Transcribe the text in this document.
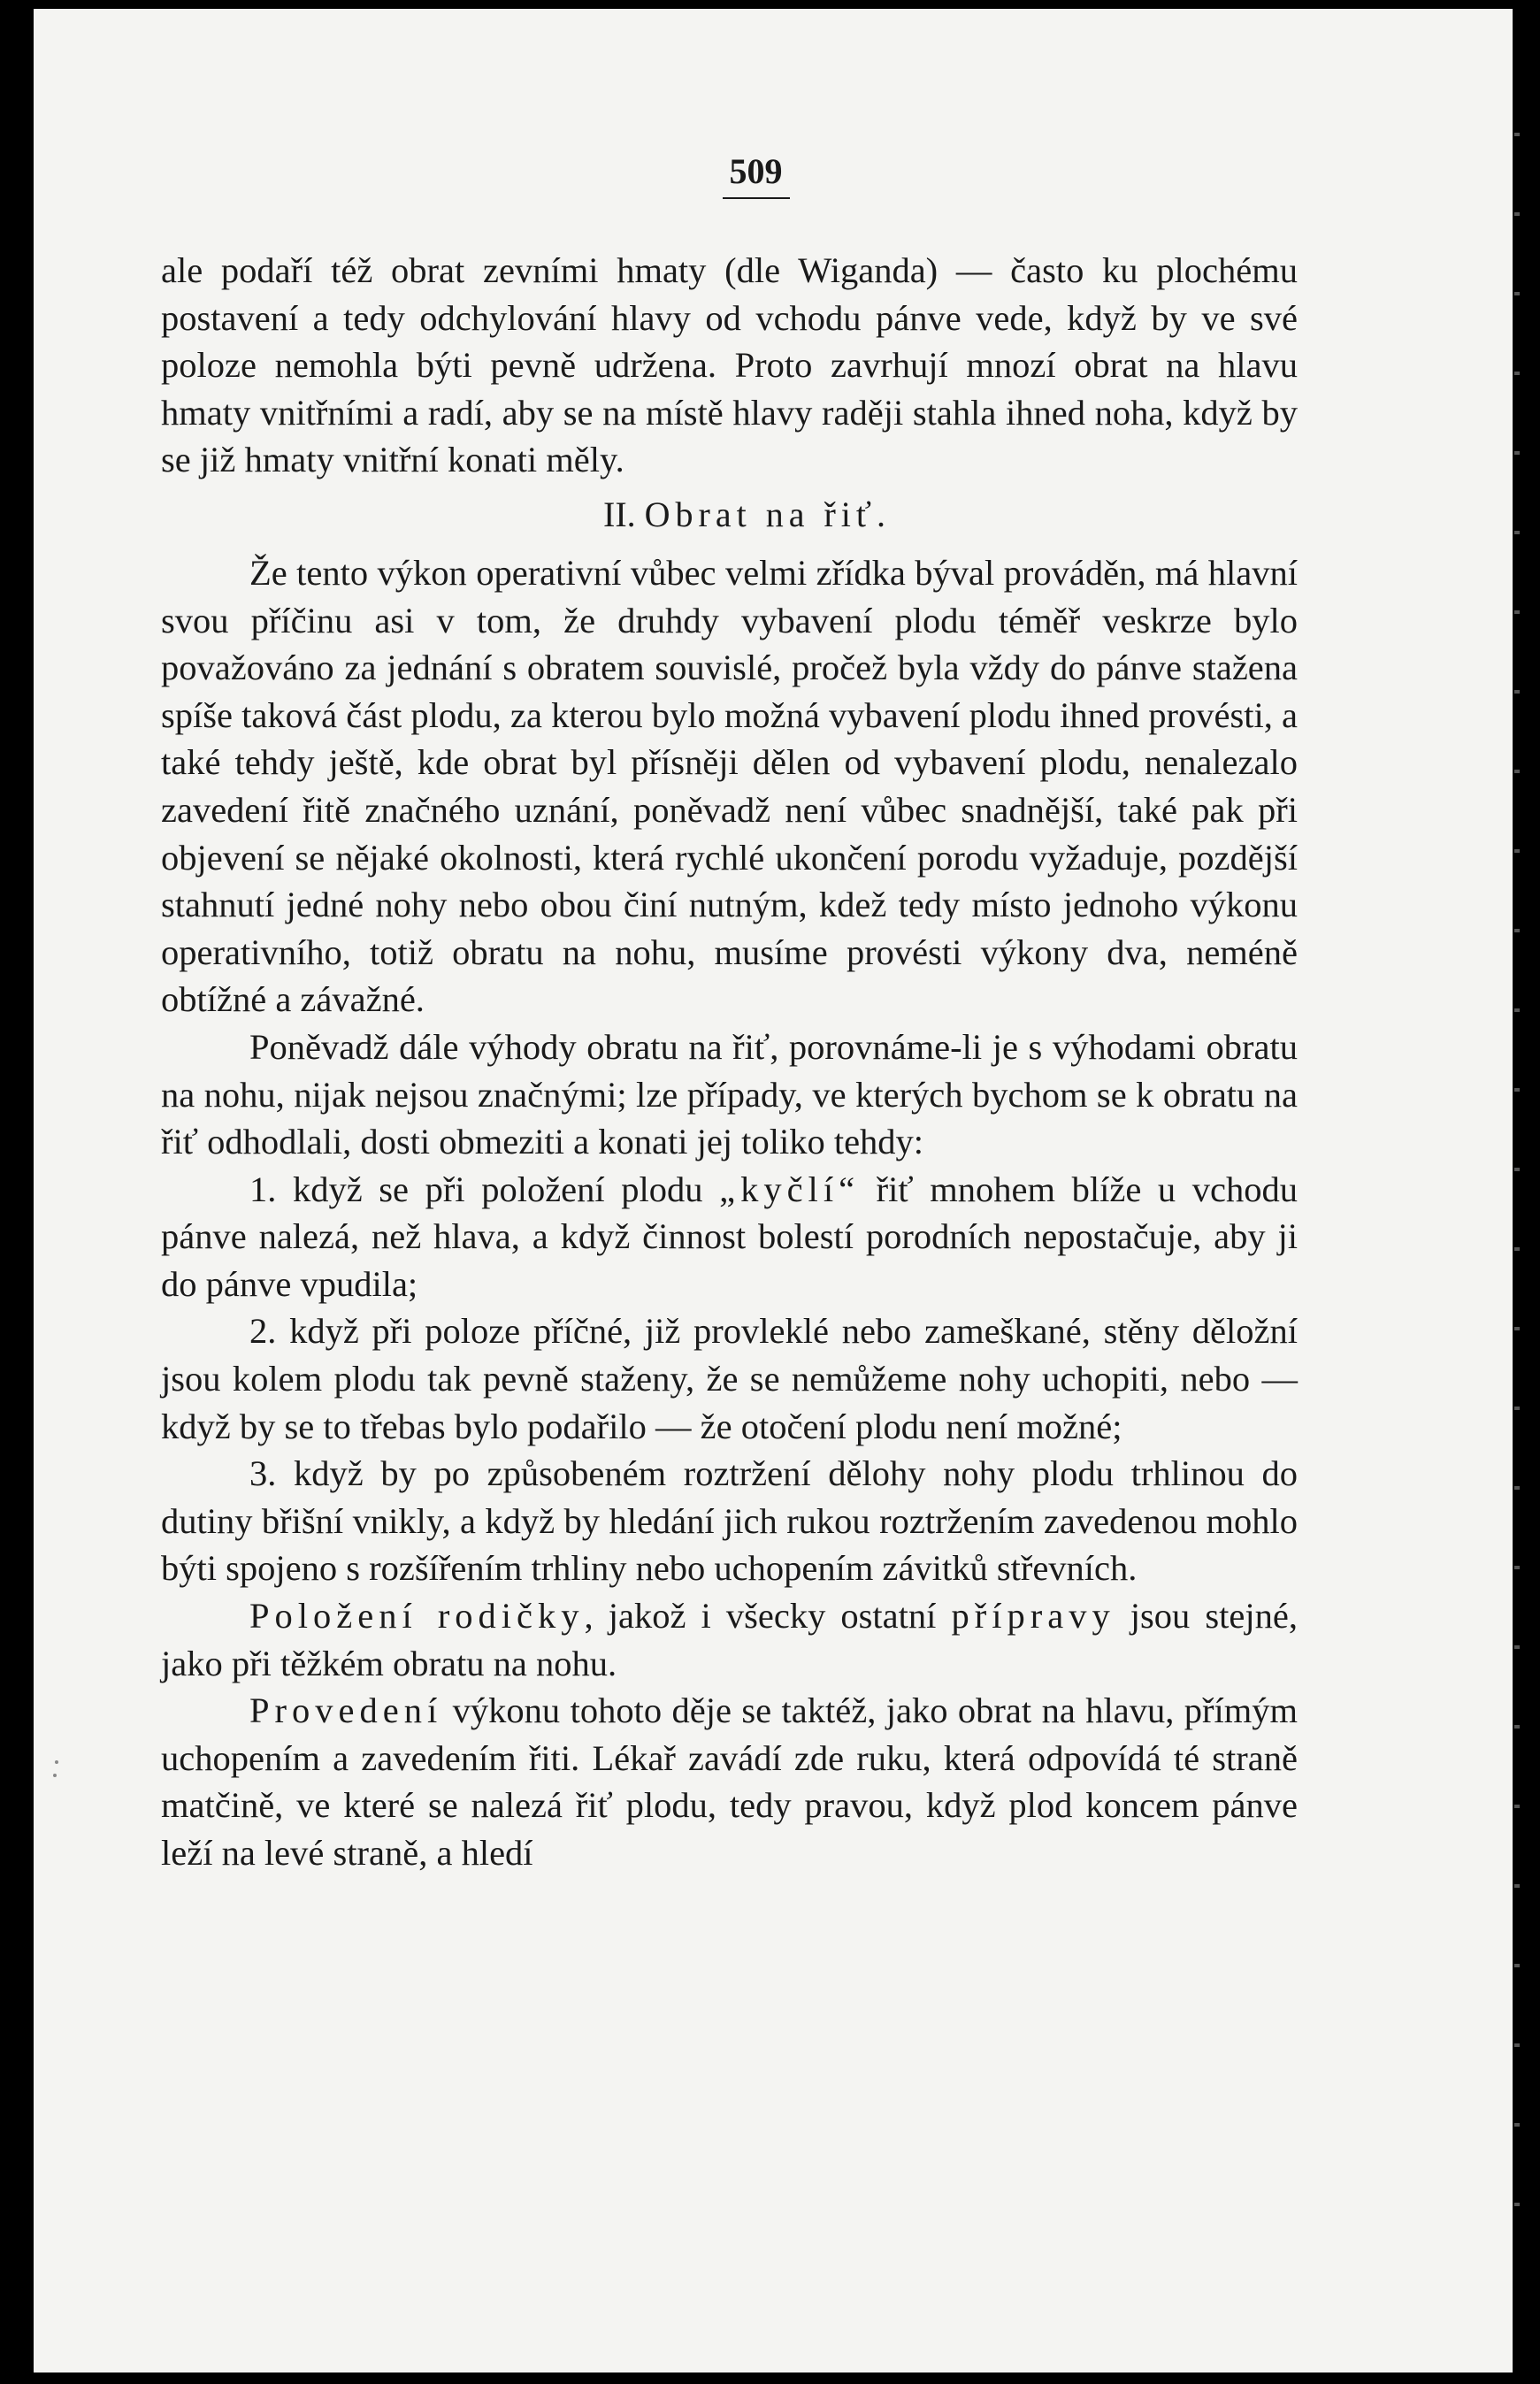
509

ale podaří též obrat zevními hmaty (dle Wiganda) — často ku plochému postavení a tedy odchylování hlavy od vchodu pánve vede, když by ve své poloze nemohla býti pevně udržena. Proto zavrhují mnozí obrat na hlavu hmaty vnitřními a radí, aby se na místě hlavy raději stahla ihned noha, když by se již hmaty vnitřní konati měly.

II. Obrat na řiť.

Že tento výkon operativní vůbec velmi zřídka býval prováděn, má hlavní svou příčinu asi v tom, že druhdy vybavení plodu téměř veskrze bylo považováno za jednání s obratem souvislé, pročež byla vždy do pánve stažena spíše taková část plodu, za kterou bylo možná vybavení plodu ihned provésti, a také tehdy ještě, kde obrat byl přísněji dělen od vybavení plodu, nenalezalo zavedení řitě značného uznání, poněvadž není vůbec snadnější, také pak při objevení se nějaké okolnosti, která rychlé ukončení porodu vyžaduje, pozdější stahnutí jedné nohy nebo obou činí nutným, kdež tedy místo jednoho výkonu operativního, totiž obratu na nohu, musíme provésti výkony dva, neméně obtížné a závažné.

Poněvadž dále výhody obratu na řiť, porovnáme-li je s výhodami obratu na nohu, nijak nejsou značnými; lze případy, ve kterých bychom se k obratu na řiť odhodlali, dosti obmeziti a konati jej toliko tehdy:

1. když se při položení plodu „kyčlí“ řiť mnohem blíže u vchodu pánve nalezá, než hlava, a když činnost bolestí porodních nepostačuje, aby ji do pánve vpudila;

2. když při poloze příčné, již provleklé nebo zameškané, stěny děložní jsou kolem plodu tak pevně staženy, že se nemůžeme nohy uchopiti, nebo — když by se to třebas bylo podařilo — že otočení plodu není možné;

3. když by po způsobeném roztržení dělohy nohy plodu trhlinou do dutiny břišní vnikly, a když by hledání jich rukou roztržením zavedenou mohlo býti spojeno s rozšířením trhliny nebo uchopením závitků střevních.

Položení rodičky, jakož i všecky ostatní přípravy jsou stejné, jako při těžkém obratu na nohu.

Provedení výkonu tohoto děje se taktéž, jako obrat na hlavu, přímým uchopením a zavedením řiti. Lékař zavádí zde ruku, která odpovídá té straně matčině, ve které se nalezá řiť plodu, tedy pravou, když plod koncem pánve leží na levé straně, a hledí
